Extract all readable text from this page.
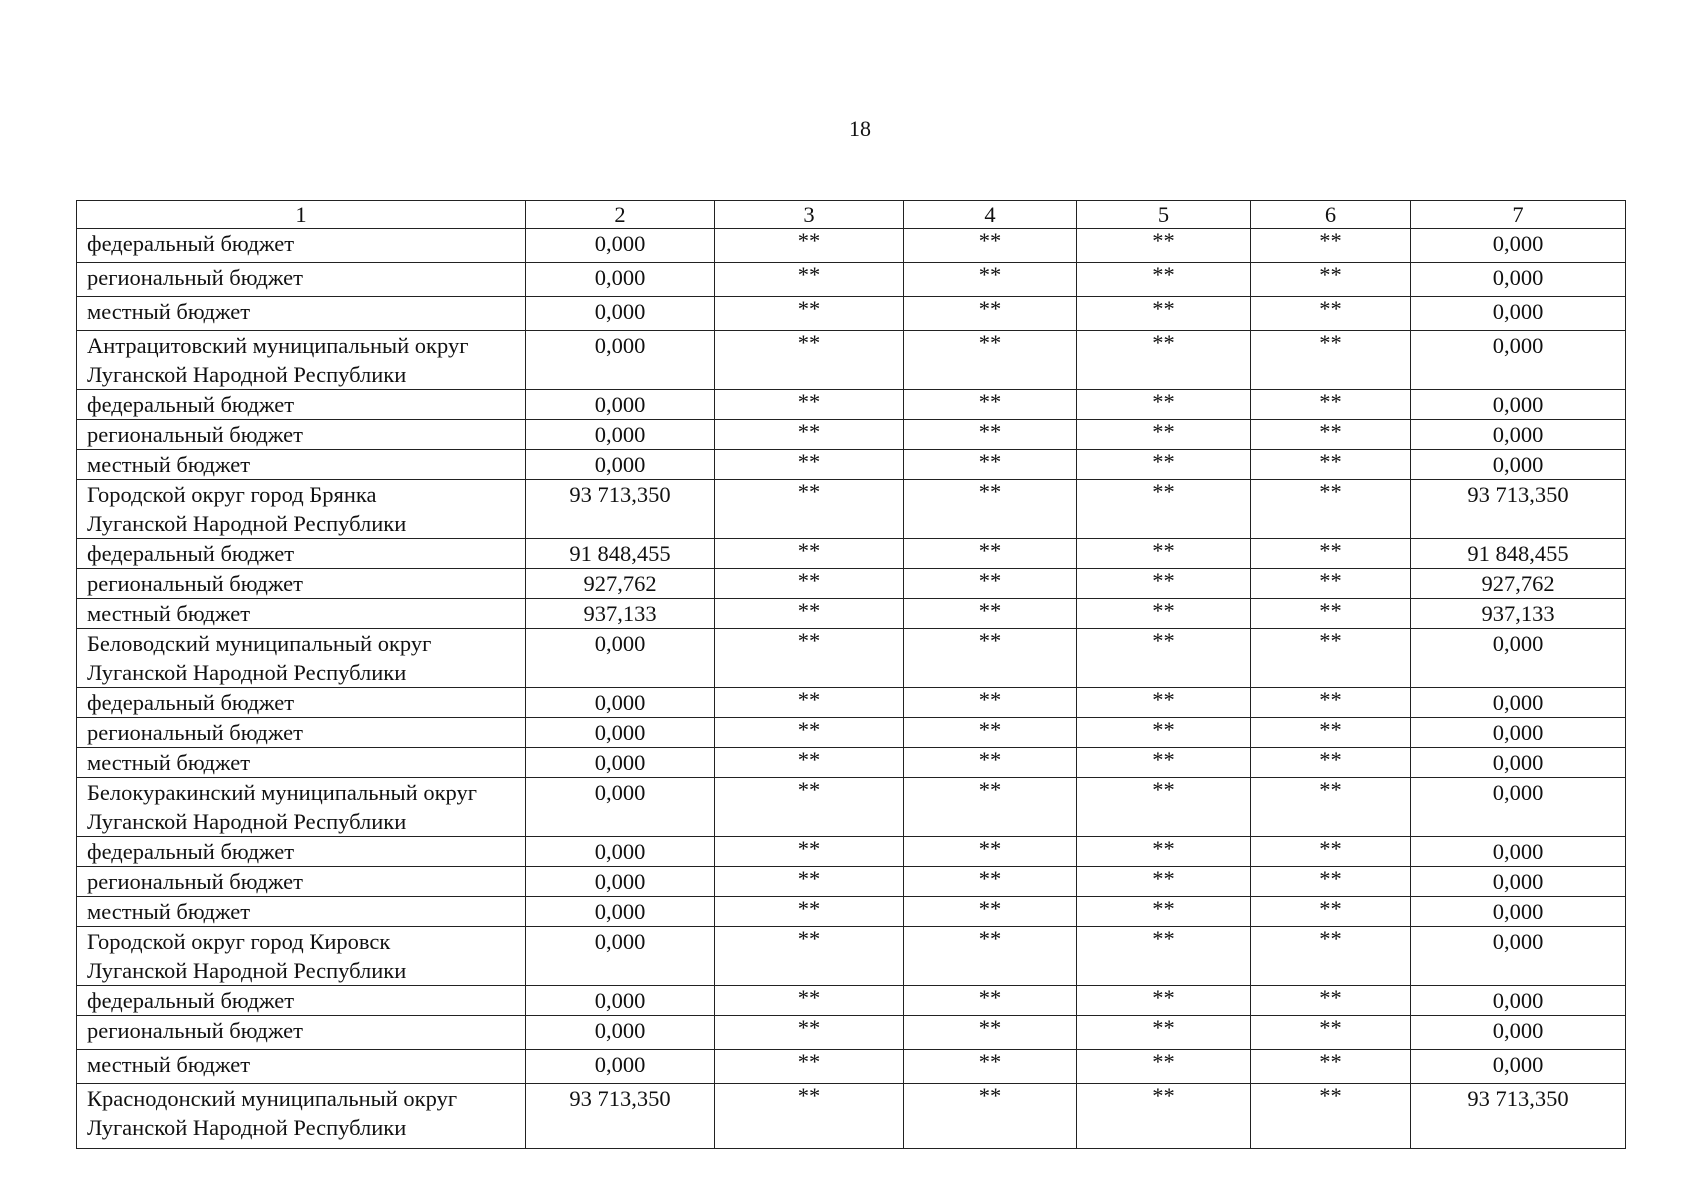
18
1	2	3	4	5	6	7
федеральный бюджет	0,000	**	**	**	**	0,000
региональный бюджет	0,000	**	**	**	**	0,000
местный бюджет	0,000	**	**	**	**	0,000

Антрацитовский муниципальный округ
Луганской Народной Республики	0,000	**	**	**	**	0,000
федеральный бюджет	0,000	**	**	**	**	0,000
региональный бюджет	0,000	**	**	**	**	0,000
местный бюджет	0,000	**	**	**	**	0,000

Городской округ город Брянка
Луганской Народной Республики	93 713,350	**	**	**	**	93 713,350
федеральный бюджет	91 848,455	**	**	**	**	91 848,455
региональный бюджет	927,762	**	**	**	**	927,762
местный бюджет	937,133	**	**	**	**	937,133

Беловодский муниципальный округ
Луганской Народной Республики	0,000	**	**	**	**	0,000
федеральный бюджет	0,000	**	**	**	**	0,000
региональный бюджет	0,000	**	**	**	**	0,000
местный бюджет	0,000	**	**	**	**	0,000

Белокуракинский муниципальный округ
Луганской Народной Республики	0,000	**	**	**	**	0,000
федеральный бюджет	0,000	**	**	**	**	0,000
региональный бюджет	0,000	**	**	**	**	0,000
местный бюджет	0,000	**	**	**	**	0,000

Городской округ город Кировск
Луганской Народной Республики	0,000	**	**	**	**	0,000
федеральный бюджет	0,000	**	**	**	**	0,000
региональный бюджет	0,000	**	**	**	**	0,000
местный бюджет	0,000	**	**	**	**	0,000

Краснодонский муниципальный округ
Луганской Народной Республики	93 713,350	**	**	**	**	93 713,350
